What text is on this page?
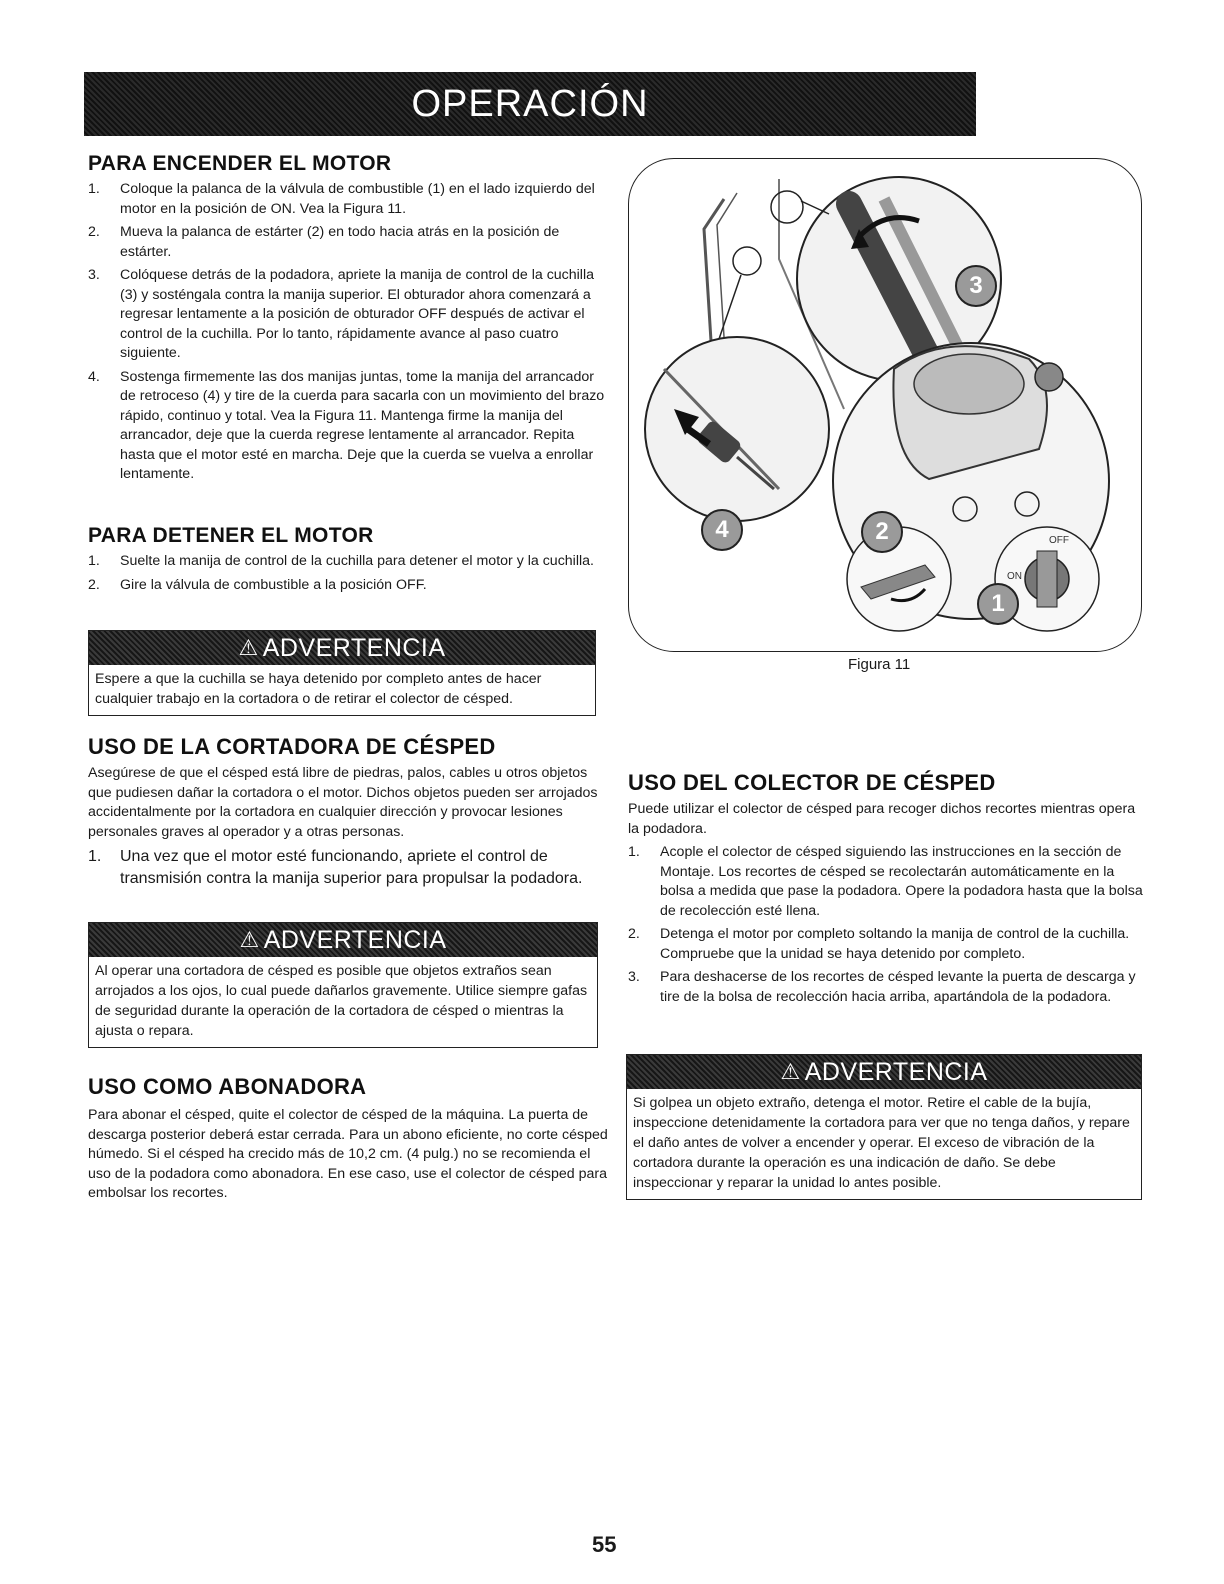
OPERACIÓN
PARA ENCENDER EL MOTOR
1. Coloque la palanca de la válvula de combustible (1) en el lado izquierdo del motor en la posición de ON. Vea la Figura 11.
2. Mueva la palanca de estárter (2) en todo hacia atrás en la posición de estárter.
3. Colóquese detrás de la podadora, apriete la manija de control de la cuchilla (3) y sosténgala contra la manija superior. El obturador ahora comenzará a regresar lentamente a la posición de obturador OFF después de activar el control de la cuchilla. Por lo tanto, rápidamente avance al paso cuatro siguiente.
4. Sostenga firmemente las dos manijas juntas, tome la manija del arrancador de retroceso (4) y tire de la cuerda para sacarla con un movimiento del brazo rápido, continuo y total. Vea la Figura 11. Mantenga firme la manija del arrancador, deje que la cuerda regrese lentamente al arrancador. Repita hasta que el motor esté en marcha. Deje que la cuerda se vuelva a enrollar lentamente.
PARA DETENER EL MOTOR
1. Suelte la manija de control de la cuchilla para detener el motor y la cuchilla.
2. Gire la válvula de combustible a la posición OFF.
⚠ ADVERTENCIA
Espere a que la cuchilla se haya detenido por completo antes de hacer cualquier trabajo en la cortadora o de retirar el colector de césped.
USO DE LA CORTADORA DE CÉSPED

Asegúrese de que el césped está libre de piedras, palos, cables u otros objetos que pudiesen dañar la cortadora o el motor. Dichos objetos pueden ser arrojados accidentalmente por la cortadora en cualquier dirección y provocar lesiones personales graves al operador y a otras personas.

1. Una vez que el motor esté funcionando, apriete el control de transmisión contra la manija superior para propulsar la podadora.
⚠ ADVERTENCIA
Al operar una cortadora de césped es posible que objetos extraños sean arrojados a los ojos, lo cual puede dañarlos gravemente. Utilice siempre gafas de seguridad durante la operación de la cortadora de césped o mientras la ajusta o repara.
USO COMO ABONADORA

Para abonar el césped, quite el colector de césped de la máquina. La puerta de descarga posterior deberá estar cerrada. Para un abono eficiente, no corte césped húmedo. Si el césped ha crecido más de 10,2 cm. (4 pulg.) no se recomienda el uso de la podadora como abonadora. En ese caso, use el colector de césped para embolsar los recortes.

OFF
ON
3
4	2
1
Figura 11
USO DEL COLECTOR DE CÉSPED

Puede utilizar el colector de césped para recoger dichos recortes mientras opera la podadora.

1. Acople el colector de césped siguiendo las instrucciones en la sección de Montaje. Los recortes de césped se recolectarán automáticamente en la bolsa a medida que pase la podadora. Opere la podadora hasta que la bolsa de recolección esté llena.
2. Detenga el motor por completo soltando la manija de control de la cuchilla. Compruebe que la unidad se haya detenido por completo.
3. Para deshacerse de los recortes de césped levante la puerta de descarga y tire de la bolsa de recolección hacia arriba, apartándola de la podadora.
⚠ ADVERTENCIA
Si golpea un objeto extraño, detenga el motor. Retire el cable de la bujía, inspeccione detenidamente la cortadora para ver que no tenga daños, y repare el daño antes de volver a encender y operar. El exceso de vibración de la cortadora durante la operación es una indicación de daño. Se debe inspeccionar y reparar la unidad lo antes posible.
55
